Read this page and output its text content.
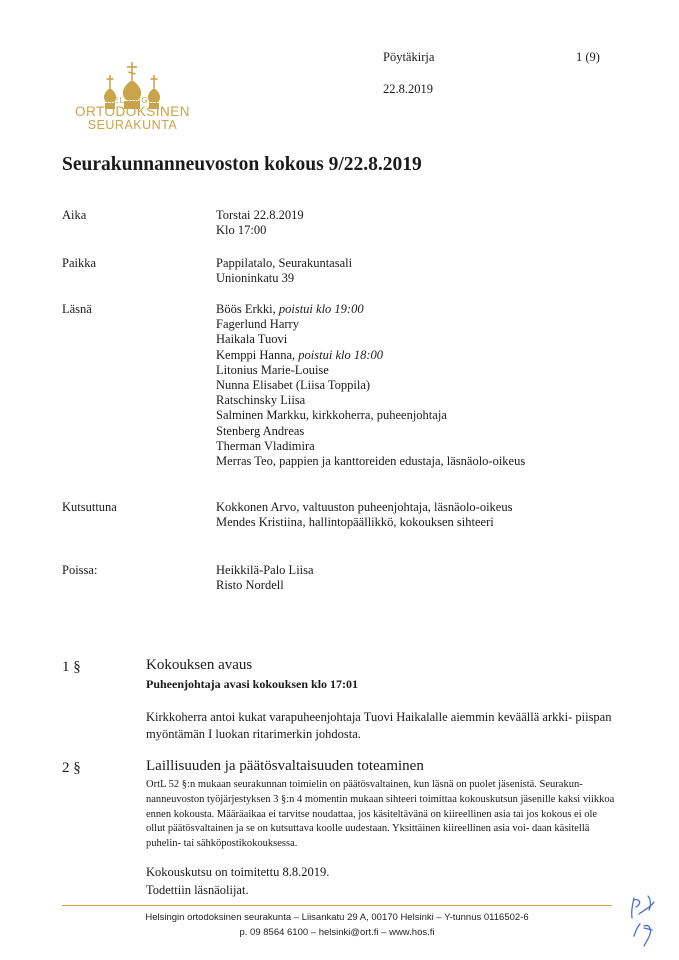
HELSINGIN
ORTODOKSINEN
SEURAKUNTA
Pöytäkirja	1 (9)
22.8.2019
Seurakunnanneuvoston kokous 9/22.8.2019
Aika	Torstai 22.8.2019
Klo 17:00
Paikka	Pappilatalo, Seurakuntasali
Unioninkatu 39
Läsnä	Böös Erkki, poistui klo 19:00
Fagerlund Harry
Haikala Tuovi
Kemppi Hanna, poistui klo 18:00
Litonius Marie-Louise
Nunna Elisabet (Liisa Toppila)
Ratschinsky Liisa
Salminen Markku, kirkkoherra, puheenjohtaja
Stenberg Andreas
Therman Vladimira
Merras Teo, pappien ja kanttoreiden edustaja, läsnäolo-oikeus
Kutsuttuna	Kokkonen Arvo, valtuuston puheenjohtaja, läsnäolo-oikeus
Mendes Kristiina, hallintopäällikkö, kokouksen sihteeri
Poissa:	Heikkilä-Palo Liisa
Risto Nordell
1 §	Kokouksen avaus
Puheenjohtaja avasi kokouksen klo 17:01
Kirkkoherra antoi kukat varapuheenjohtaja Tuovi Haikalalle aiemmin keväällä arkki- piispan myöntämän I luokan ritarimerkin johdosta.
2 §	Laillisuuden ja päätösvaltaisuuden toteaminen
OrtL 52 §:n mukaan seurakunnan toimielin on päätösvaltainen, kun läsnä on puolet jäsenistä. Seurakun- nanneuvoston työjärjestyksen 3 §:n 4 momentin mukaan sihteeri toimittaa kokouskutsun jäsenille kaksi viikkoa ennen kokousta. Määräaikaa ei tarvitse noudattaa, jos käsiteltävänä on kiireellinen asia tai jos kokous ei ole ollut päätösvaltainen ja se on kutsuttava koolle uudestaan. Yksittäinen kiireellinen asia voi- daan käsitellä puhelin- tai sähköpostikokouksessa.
Kokouskutsu on toimitettu 8.8.2019.
Todettiin läsnäolijat.
Helsingin ortodoksinen seurakunta – Liisankatu 29 A, 00170 Helsinki – Y-tunnus 0116502-6
p. 09 8564 6100 – helsinki@ort.fi – www.hos.fi
